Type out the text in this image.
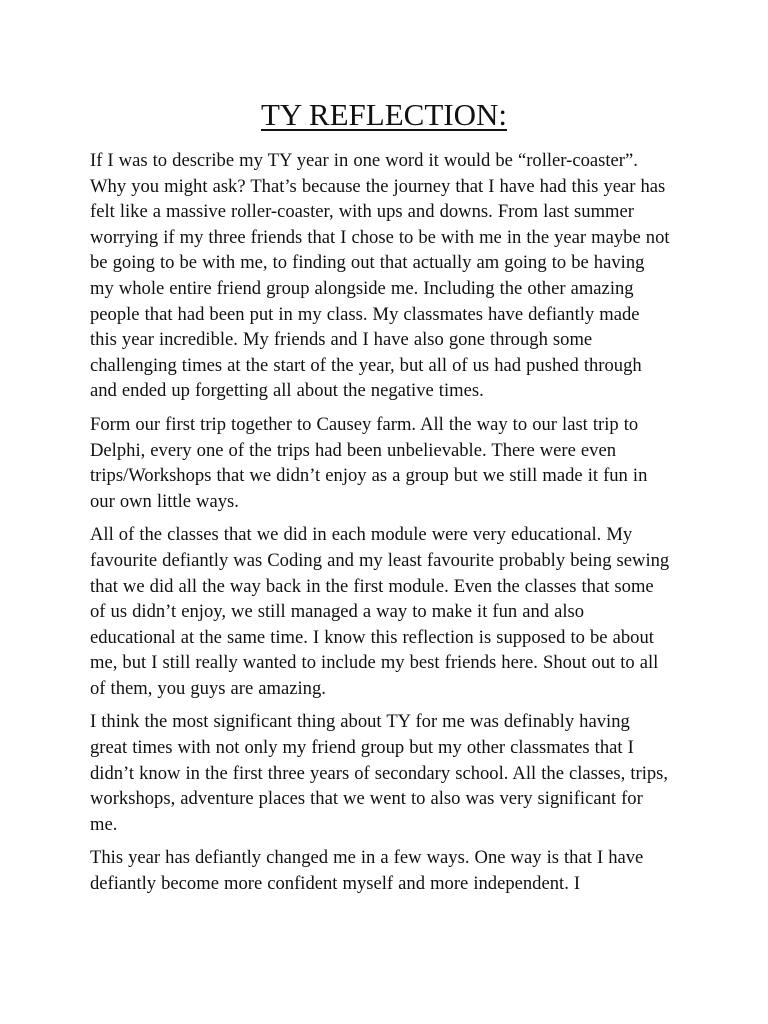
TY REFLECTION:

If I was to describe my TY year in one word it would be “roller-coaster”. Why you might ask? That’s because the journey that I have had this year has felt like a massive roller-coaster, with ups and downs. From last summer worrying if my three friends that I chose to be with me in the year maybe not be going to be with me, to finding out that actually am going to be having my whole entire friend group alongside me. Including the other amazing people that had been put in my class. My classmates have defiantly made this year incredible. My friends and I have also gone through some challenging times at the start of the year, but all of us had pushed through and ended up forgetting all about the negative times.

Form our first trip together to Causey farm. All the way to our last trip to Delphi, every one of the trips had been unbelievable. There were even trips/Workshops that we didn’t enjoy as a group but we still made it fun in our own little ways.

All of the classes that we did in each module were very educational. My favourite defiantly was Coding and my least favourite probably being sewing that we did all the way back in the first module. Even the classes that some of us didn’t enjoy, we still managed a way to make it fun and also educational at the same time. I know this reflection is supposed to be about me, but I still really wanted to include my best friends here. Shout out to all of them, you guys are amazing.

I think the most significant thing about TY for me was definably having great times with not only my friend group but my other classmates that I didn’t know in the first three years of secondary school. All the classes, trips, workshops, adventure places that we went to also was very significant for me.

This year has defiantly changed me in a few ways. One way is that I have defiantly become more confident myself and more independent. I
